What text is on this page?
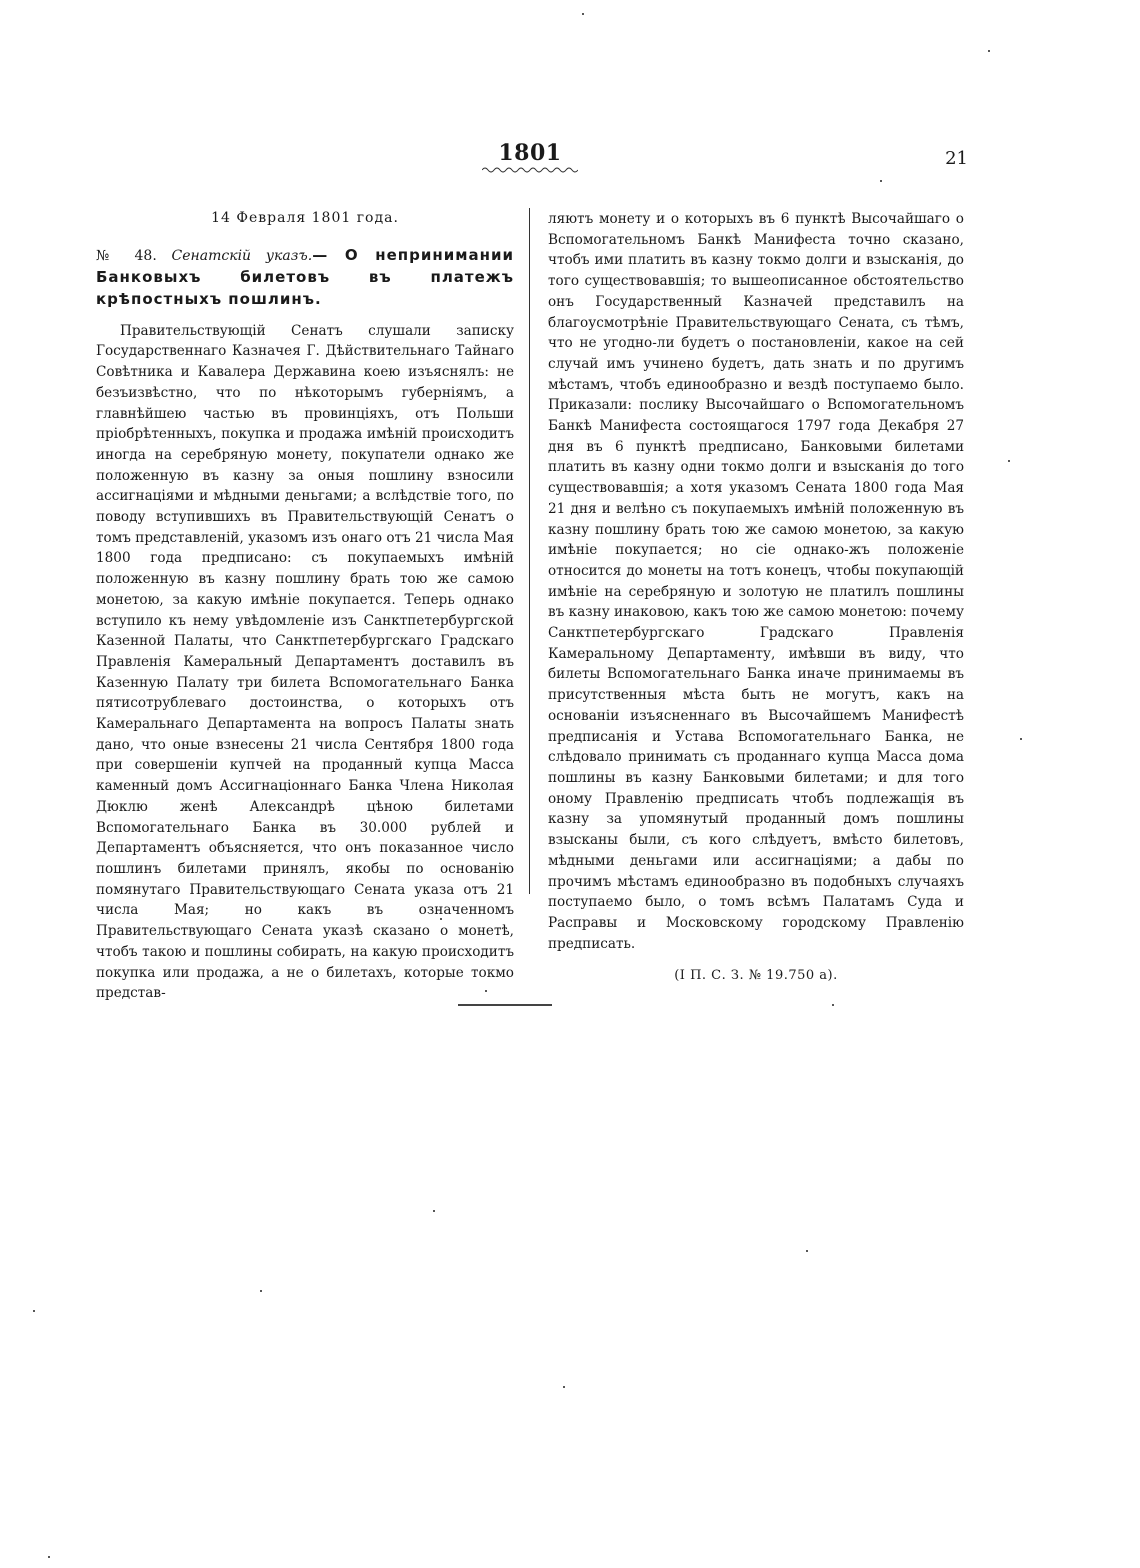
1801	21

14 Февраля 1801 года.

№ 48. Сенатскій указъ.— О непринимании Банковыхъ билетовъ въ платежъ крѣпостныхъ пошлинъ.

Правительствующій Сенатъ слушали записку Государственнаго Казначея Г. Дѣйствительнаго Тайнаго Совѣтника и Кавалера Державина коею изъяснялъ: не безъизвѣстно, что по нѣкоторымъ губерніямъ, а главнѣйшею частью въ провинціяхъ, отъ Польши пріобрѣтенныхъ, покупка и продажа имѣній происходитъ иногда на серебряную монету, покупатели однако же положенную въ казну за оныя пошлину взносили ассигнаціями и мѣдными деньгами; а вслѣдствіе того, по поводу вступившихъ въ Правительствующій Сенатъ о томъ представленій, указомъ изъ онаго отъ 21 числа Мая 1800 года предписано: съ покупаемыхъ имѣній положенную въ казну пошлину брать тою же самою монетою, за какую имѣніе покупается. Теперь однако вступило къ нему увѣдомленіе изъ Санктпетербургской Казенной Палаты, что Санктпетербургскаго Градскаго Правленія Камеральный Департаментъ доставилъ въ Казенную Палату три билета Вспомогательнаго Банка пятисотрублеваго достоинства, о которыхъ отъ Камеральнаго Департамента на вопросъ Палаты знать дано, что оные взнесены 21 числа Сентября 1800 года при совершеніи купчей на проданный купца Масса каменный домъ Ассигнаціоннаго Банка Члена Николая Дюклю женѣ Александрѣ цѣною билетами Вспомогательнаго Банка въ 30.000 рублей и Департаментъ объясняется, что онъ показанное число пошлинъ билетами принялъ, якобы по основанію помянутаго Правительствующаго Сената указа отъ 21 числа Мая; но какъ въ означенномъ Правительствующаго Сената указѣ сказано о монетѣ, чтобъ такою и пошлины собирать, на какую происходитъ покупка или продажа, а не о билетахъ, которые токмо представ-

ляютъ монету и о которыхъ въ 6 пунктѣ Высочайшаго о Вспомогательномъ Банкѣ Манифеста точно сказано, чтобъ ими платить въ казну токмо долги и взысканія, до того существовавшія; то вышеописанное обстоятельство онъ Государственный Казначей представилъ на благоусмотрѣніе Правительствующаго Сената, съ тѣмъ, что не угодно-ли будетъ о постановленіи, какое на сей случай имъ учинено будетъ, дать знать и по другимъ мѣстамъ, чтобъ единообразно и вездѣ поступаемо было. Приказали: послику Высочайшаго о Вспомогательномъ Банкѣ Манифеста состоящагося 1797 года Декабря 27 дня въ 6 пунктѣ предписано, Банковыми билетами платить въ казну одни токмо долги и взысканія до того существовавшія; а хотя указомъ Сената 1800 года Мая 21 дня и велѣно съ покупаемыхъ имѣній положенную въ казну пошлину брать тою же самою монетою, за какую имѣніе покупается; но сіе однако-жъ положеніе относится до монеты на тотъ конецъ, чтобы покупающій имѣніе на серебряную и золотую не платилъ пошлины въ казну инаковою, какъ тою же самою монетою: почему Санктпетербургскаго Градскаго Правленія Камеральному Департаменту, имѣвши въ виду, что билеты Вспомогательнаго Банка иначе принимаемы въ присутственныя мѣста быть не могутъ, какъ на основаніи изъясненнаго въ Высочайшемъ Манифестѣ предписанія и Устава Вспомогательнаго Банка, не слѣдовало принимать съ проданнаго купца Масса дома пошлины въ казну Банковыми билетами; и для того оному Правленію предписать чтобъ подлежащія въ казну за упомянутый проданный домъ пошлины взысканы были, съ кого слѣдуетъ, вмѣсто билетовъ, мѣдными деньгами или ассигнаціями; а дабы по прочимъ мѣстамъ единообразно въ подобныхъ случаяхъ поступаемо было, о томъ всѣмъ Палатамъ Суда и Расправы и Московскому городскому Правленію предписать.

(I П. С. З. № 19.750 а).
